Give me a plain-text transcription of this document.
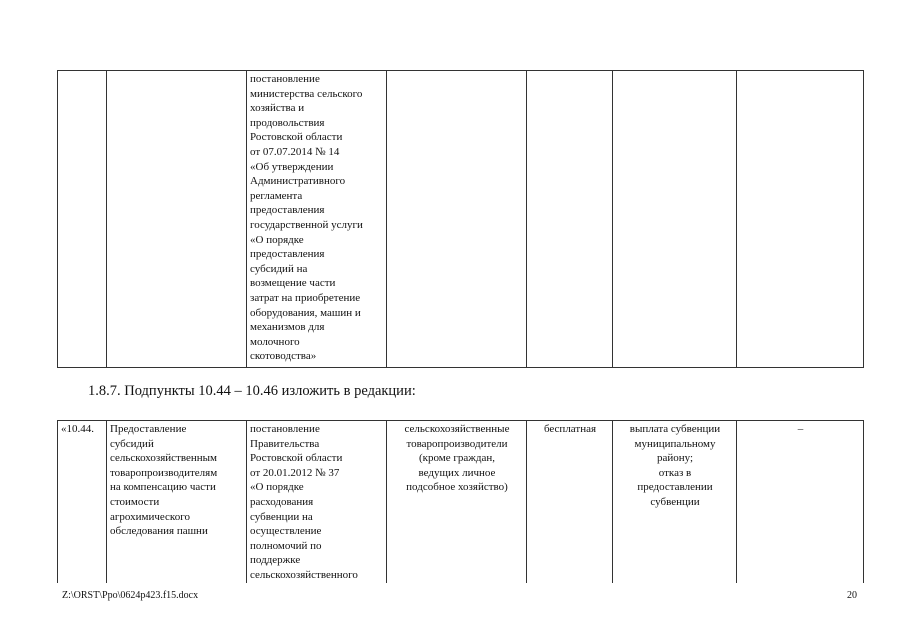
		постановление
министерства сельского
хозяйства и
продовольствия
Ростовской области
от 07.07.2014 № 14
«Об утверждении
Административного
регламента
предоставления
государственной услуги
«О порядке
предоставления
субсидий на
возмещение части
затрат на приобретение
оборудования, машин и
механизмов для
молочного
скотоводства»				

1.8.7. Подпункты 10.44 – 10.46 изложить в редакции:

«10.44.	Предоставление
субсидий
сельскохозяйственным
товаропроизводителям
на компенсацию части
стоимости
агрохимического
обследования пашни	постановление
Правительства
Ростовской области
от 20.01.2012 № 37
«О порядке
расходования
субвенции на
осуществление
полномочий по
поддержке
сельскохозяйственного	сельскохозяйственные
товаропроизводители
(кроме граждан,
ведущих личное
подсобное хозяйство)	бесплатная	выплата субвенции
муниципальному
району;
отказ в
предоставлении
субвенции	–
Z:\ORST\Ppo\0624p423.f15.docx	20
